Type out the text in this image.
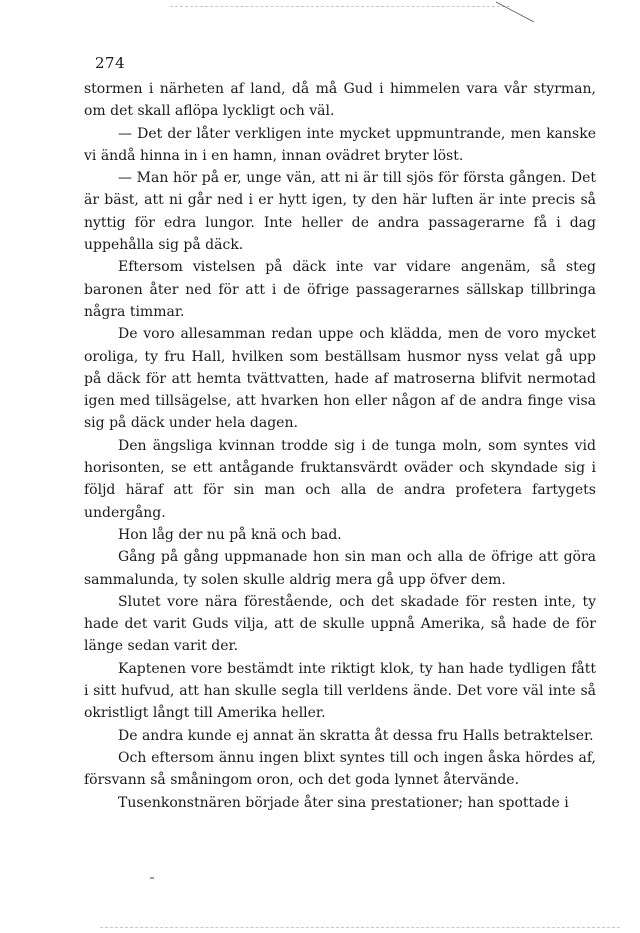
274

stormen i närheten af land, då må Gud i himmelen vara vår styrman, om det skall aflöpa lyckligt och väl.

— Det der låter verkligen inte mycket uppmuntrande, men kanske vi ändå hinna in i en hamn, innan ovädret bryter löst.

— Man hör på er, unge vän, att ni är till sjös för första gången. Det är bäst, att ni går ned i er hytt igen, ty den här luften är inte precis så nyttig för edra lungor. Inte heller de andra passagerarne få i dag uppehålla sig på däck.

Eftersom vistelsen på däck inte var vidare angenäm, så steg baronen åter ned för att i de öfrige passagerarnes sällskap tillbringa några timmar.

De voro allesamman redan uppe och klädda, men de voro mycket oroliga, ty fru Hall, hvilken som beställsam husmor nyss velat gå upp på däck för att hemta tvättvatten, hade af matroserna blifvit nermotad igen med tillsägelse, att hvarken hon eller någon af de andra finge visa sig på däck under hela dagen.

Den ängsliga kvinnan trodde sig i de tunga moln, som syntes vid horisonten, se ett antågande fruktansvärdt oväder och skyndade sig i följd häraf att för sin man och alla de andra profetera fartygets undergång.

Hon låg der nu på knä och bad.

Gång på gång uppmanade hon sin man och alla de öfrige att göra sammalunda, ty solen skulle aldrig mera gå upp öfver dem.

Slutet vore nära förestående, och det skadade för resten inte, ty hade det varit Guds vilja, att de skulle uppnå Amerika, så hade de för länge sedan varit der.

Kaptenen vore bestämdt inte riktigt klok, ty han hade tydligen fått i sitt hufvud, att han skulle segla till verldens ände. Det vore väl inte så okristligt långt till Amerika heller.

De andra kunde ej annat än skratta åt dessa fru Halls betraktelser.

Och eftersom ännu ingen blixt syntes till och ingen åska hördes af, försvann så småningom oron, och det goda lynnet återvände.

Tusenkonstnären började åter sina prestationer; han spottade i
